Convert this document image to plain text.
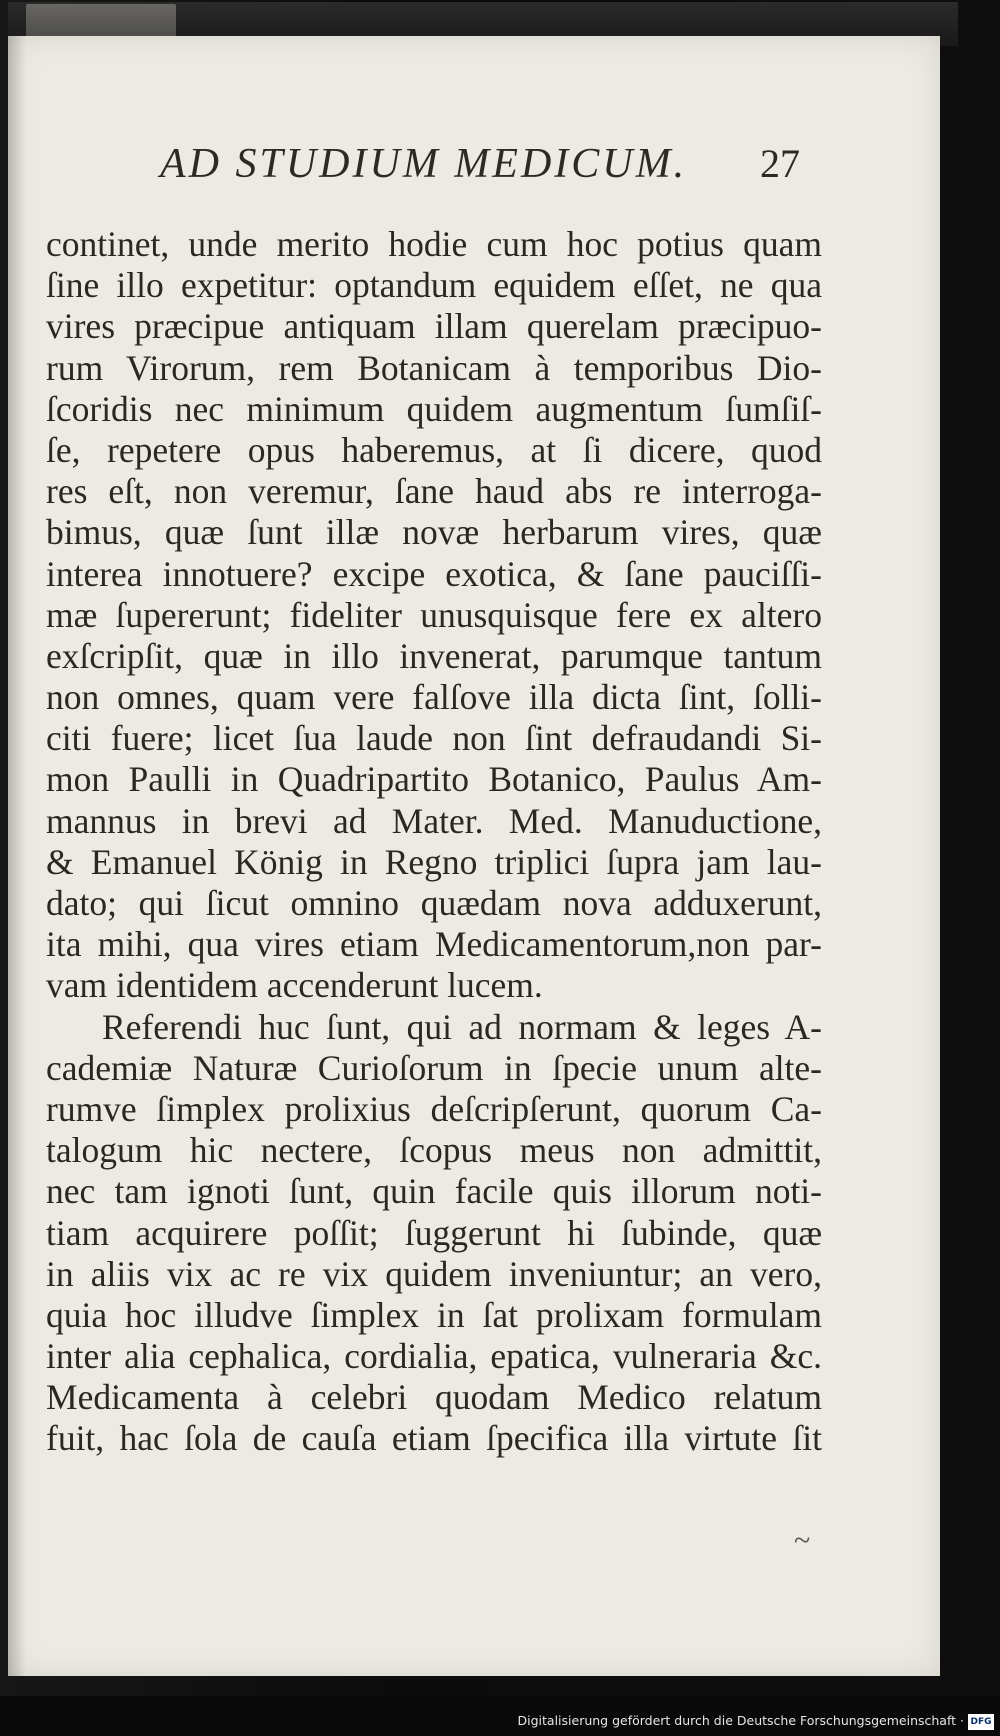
AD STUDIUM MEDICUM. 27
continet, unde merito hodie cum hoc potius quam
ſine illo expetitur: optandum equidem eſſet, ne qua
vires præcipue antiquam illam querelam præcipuo-
rum Virorum, rem Botanicam à temporibus Dio-
ſcoridis nec minimum quidem augmentum ſumſiſ-
ſe, repetere opus haberemus, at ſi dicere, quod
res eſt, non veremur, ſane haud abs re interroga-
bimus, quæ ſunt illæ novæ herbarum vires, quæ
interea innotuere? excipe exotica, & ſane pauciſſi-
mæ ſupererunt; fideliter unusquisque fere ex altero
exſcripſit, quæ in illo invenerat, parumque tantum
non omnes, quam vere falſove illa dicta ſint, ſolli-
citi fuere; licet ſua laude non ſint defraudandi Si-
mon Paulli in Quadripartito Botanico, Paulus Am-
mannus in brevi ad Mater. Med. Manuductione,
& Emanuel König in Regno triplici ſupra jam lau-
dato; qui ſicut omnino quædam nova adduxerunt,
ita mihi, qua vires etiam Medicamentorum,non par-
vam identidem accenderunt lucem.
Referendi huc ſunt, qui ad normam & leges A-
cademiæ Naturæ Curioſorum in ſpecie unum alte-
rumve ſimplex prolixius deſcripſerunt, quorum Ca-
talogum hic nectere, ſcopus meus non admittit,
nec tam ignoti ſunt, quin facile quis illorum noti-
tiam acquirere poſſit; ſuggerunt hi ſubinde, quæ
in aliis vix ac re vix quidem inveniuntur; an vero,
quia hoc illudve ſimplex in ſat prolixam formulam
inter alia cephalica, cordialia, epatica, vulneraria &c.
Medicamenta à celebri quodam Medico relatum
fuit, hac ſola de cauſa etiam ſpecifica illa virtute ſit
~
Digitalisierung gefördert durch die Deutsche Forschungsgemeinschaft · DFG
